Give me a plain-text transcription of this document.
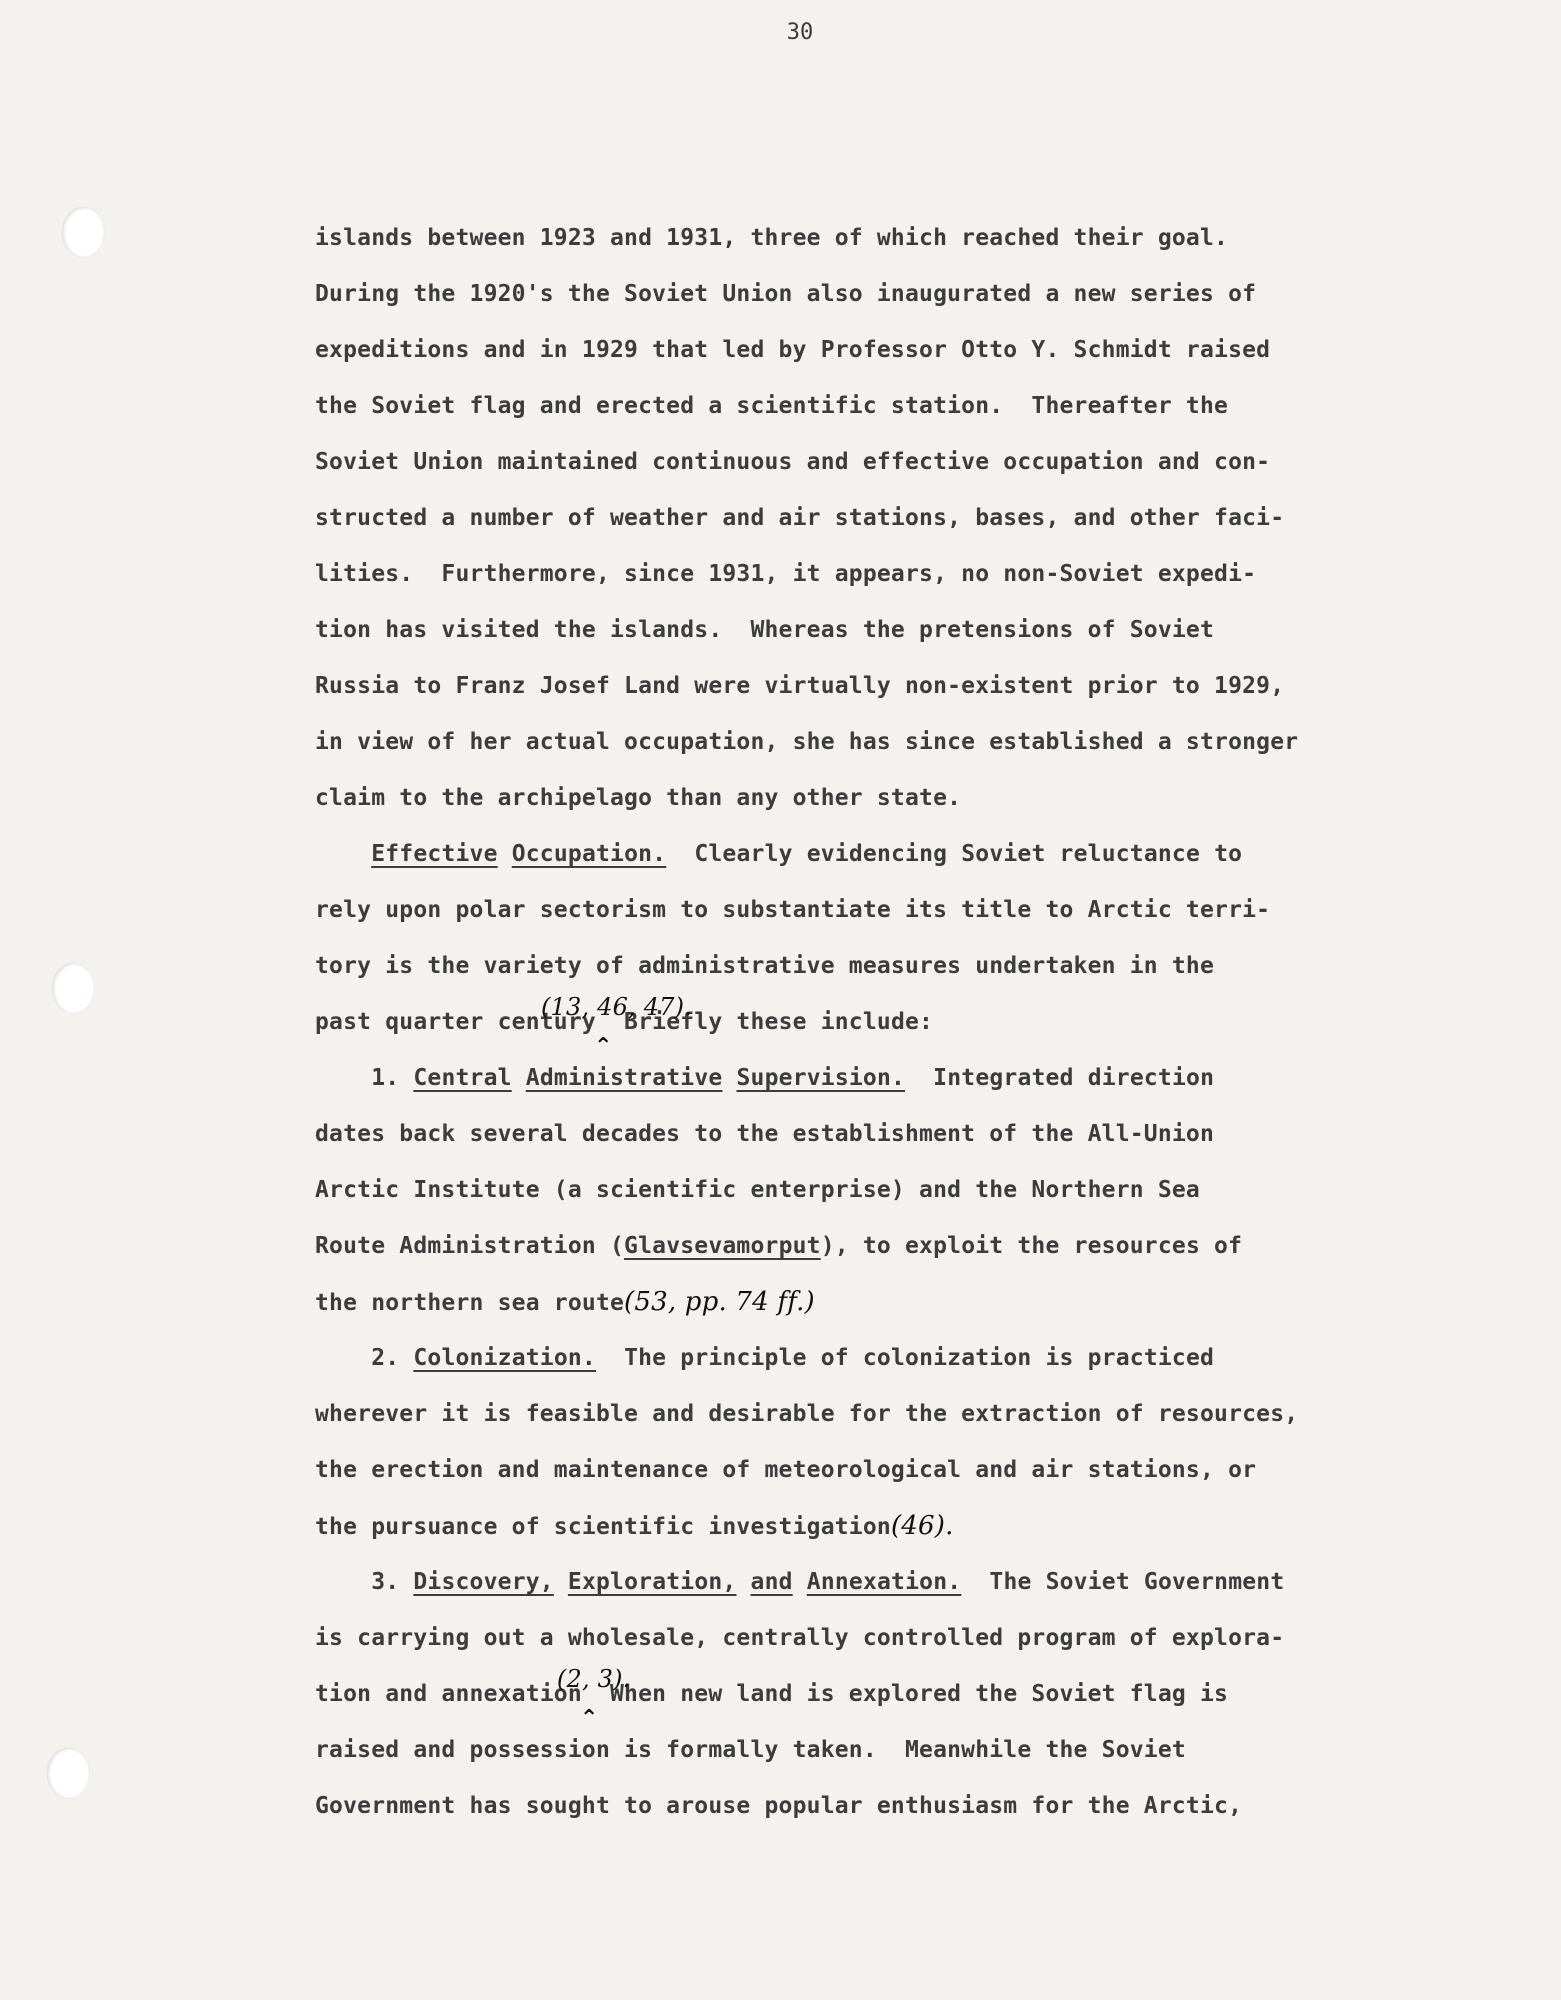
30
islands between 1923 and 1931, three of which reached their goal.
During the 1920's the Soviet Union also inaugurated a new series of
expeditions and in 1929 that led by Professor Otto Y. Schmidt raised
the Soviet flag and erected a scientific station.  Thereafter the
Soviet Union maintained continuous and effective occupation and con-
structed a number of weather and air stations, bases, and other faci-
lities.  Furthermore, since 1931, it appears, no non-Soviet expedi-
tion has visited the islands.  Whereas the pretensions of Soviet
Russia to Franz Josef Land were virtually non-existent prior to 1929,
in view of her actual occupation, she has since established a stronger
claim to the archipelago than any other state.
Effective Occupation.  Clearly evidencing Soviet reluctance to
rely upon polar sectorism to substantiate its title to Arctic terri-
tory is the variety of administrative measures undertaken in the
past quarter century
(13, 46, 47).
⌃
Briefly these include:
1. Central Administrative Supervision.  Integrated direction
dates back several decades to the establishment of the All-Union
Arctic Institute (a scientific enterprise) and the Northern Sea
Route Administration (Glavsevamorput), to exploit the resources of
the northern sea route(53, pp. 74 ff.)
2. Colonization.  The principle of colonization is practiced
wherever it is feasible and desirable for the extraction of resources,
the erection and maintenance of meteorological and air stations, or
the pursuance of scientific investigation(46).
3. Discovery, Exploration, and Annexation.  The Soviet Government
is carrying out a wholesale, centrally controlled program of explora-
tion and annexation
(2, 3).
⌃
When new land is explored the Soviet flag is
raised and possession is formally taken.  Meanwhile the Soviet
Government has sought to arouse popular enthusiasm for the Arctic,
